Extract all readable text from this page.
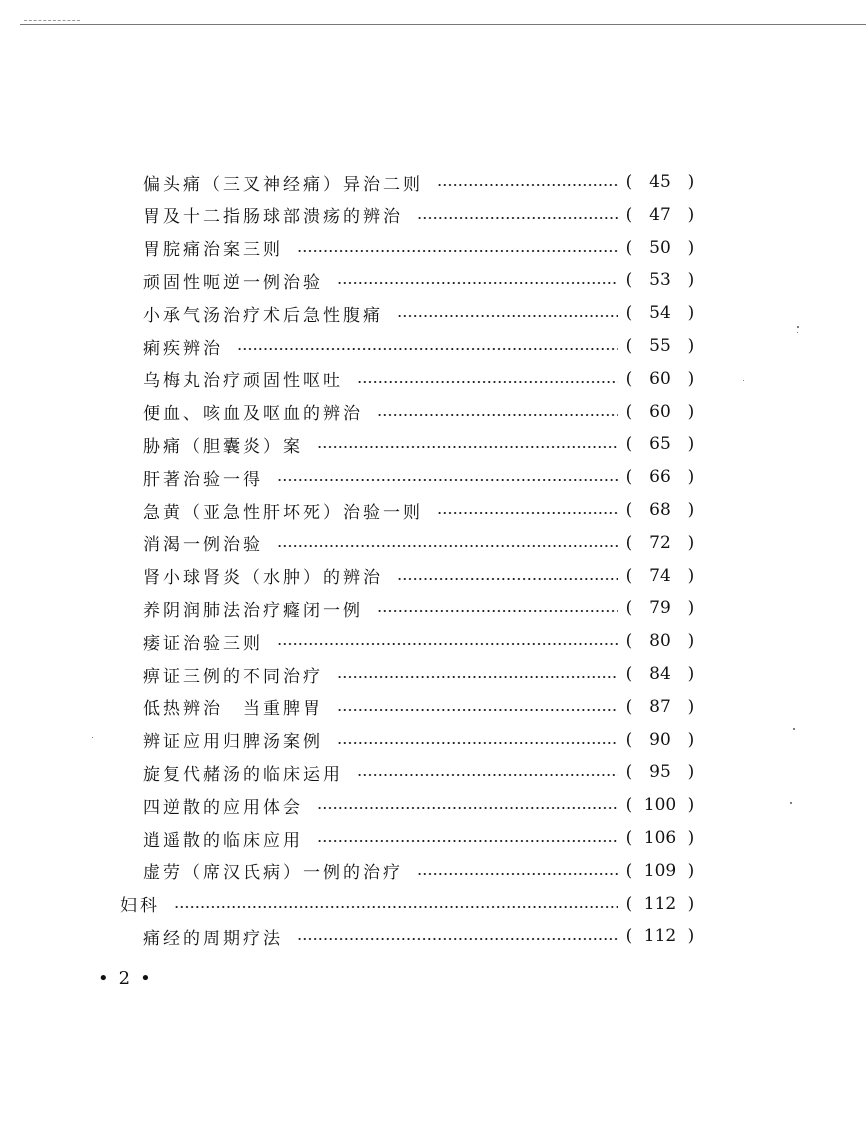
偏头痛（三叉神经痛）异治二则	( 45 )
胃及十二指肠球部溃疡的辨治	( 47 )
胃脘痛治案三则	( 50 )
顽固性呃逆一例治验	( 53 )
小承气汤治疗术后急性腹痛	( 54 )
痢疾辨治	( 55 )
乌梅丸治疗顽固性呕吐	( 60 )
便血、咳血及呕血的辨治	( 60 )
胁痛（胆囊炎）案	( 65 )
肝著治验一得	( 66 )
急黄（亚急性肝坏死）治验一则	( 68 )
消渴一例治验	( 72 )
肾小球肾炎（水肿）的辨治	( 74 )
养阴润肺法治疗癃闭一例	( 79 )
痿证治验三则	( 80 )
痹证三例的不同治疗	( 84 )
低热辨治　当重脾胃	( 87 )
辨证应用归脾汤案例	( 90 )
旋复代赭汤的临床运用	( 95 )
四逆散的应用体会	( 100 )
逍遥散的临床应用	( 106 )
虚劳（席汉氏病）一例的治疗	( 109 )
妇科	( 112 )
痛经的周期疗法	( 112 )
• 2 •
